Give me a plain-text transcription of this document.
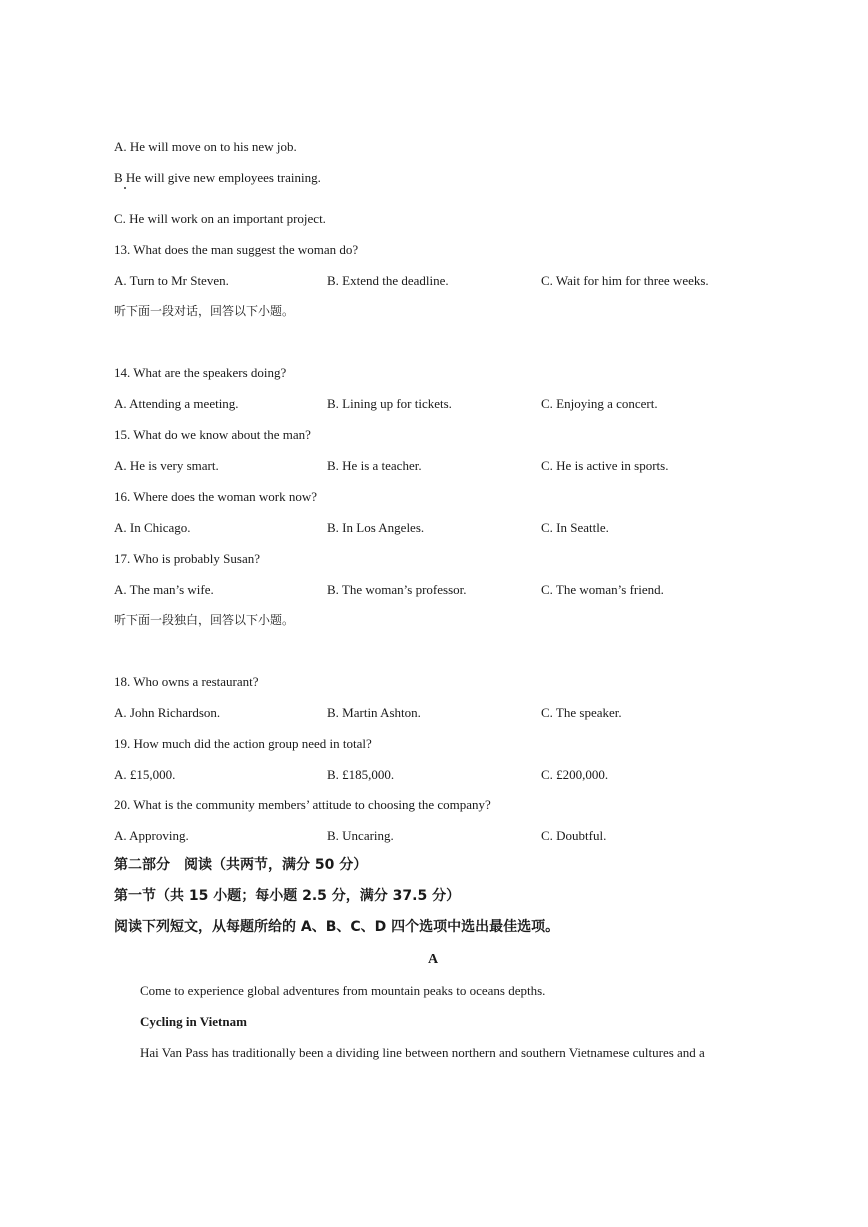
A. He will move on to his new job.
B He will give new employees training.
C. He will work on an important project.
13. What does the man suggest the woman do?
A. Turn to Mr Steven.	B. Extend the deadline.	C. Wait for him for three weeks.
听下面一段对话，回答以下小题。
14. What are the speakers doing?
A. Attending a meeting.	B. Lining up for tickets.	C. Enjoying a concert.
15. What do we know about the man?
A. He is very smart.	B. He is a teacher.	C. He is active in sports.
16. Where does the woman work now?
A. In Chicago.	B. In Los Angeles.	C. In Seattle.
17. Who is probably Susan?
A. The man’s wife.	B. The woman’s professor.	C. The woman’s friend.
听下面一段独白，回答以下小题。
18. Who owns a restaurant?
A. John Richardson.	B. Martin Ashton.	C. The speaker.
19. How much did the action group need in total?
A. £15,000.	B. £185,000.	C. £200,000.
20. What is the community members’ attitude to choosing the company?
A. Approving.	B. Uncaring.	C. Doubtful.
第二部分　阅读（共两节，满分 50 分）
第一节（共 15 小题；每小题 2.5 分，满分 37.5 分）
阅读下列短文，从每题所给的 A、B、C、D 四个选项中选出最佳选项。
A
Come to experience global adventures from mountain peaks to oceans depths.
Cycling in Vietnam
Hai Van Pass has traditionally been a dividing line between northern and southern Vietnamese cultures and a
